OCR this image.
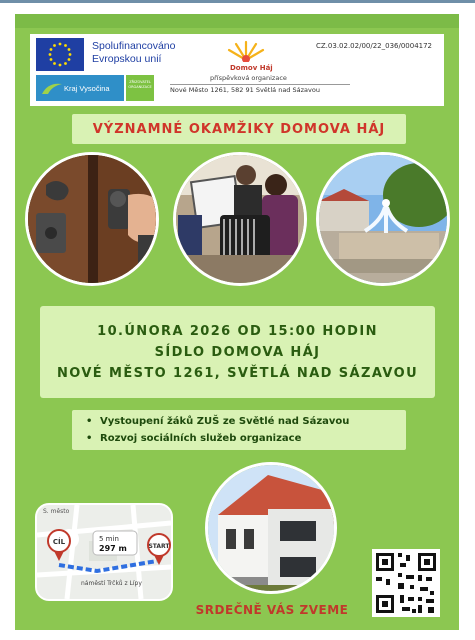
Spolufinancováno
Evropskou unií
Kraj Vysočina
ZŘIZOVATEL ORGANIZACE
Domov Háj
příspěvková organizace
Nové Město 1261, 582 91 Světlá nad Sázavou
CZ.03.02.02/00/22_036/0004172
VÝZNAMNÉ OKAMŽIKY DOMOVA HÁJ
10.ÚNORA 2026 OD 15:00 HODIN
SÍDLO DOMOVA HÁJ
NOVÉ MĚSTO 1261, SVĚTLÁ NAD SÁZAVOU
• Vystoupení žáků ZUŠ ze Světlé nad Sázavou
• Rozvoj sociálních služeb organizace
CÍL	5 min
297 m	START
S. město
náměstí Trčků z Lípy
SRDEČNĚ VÁS ZVEME
